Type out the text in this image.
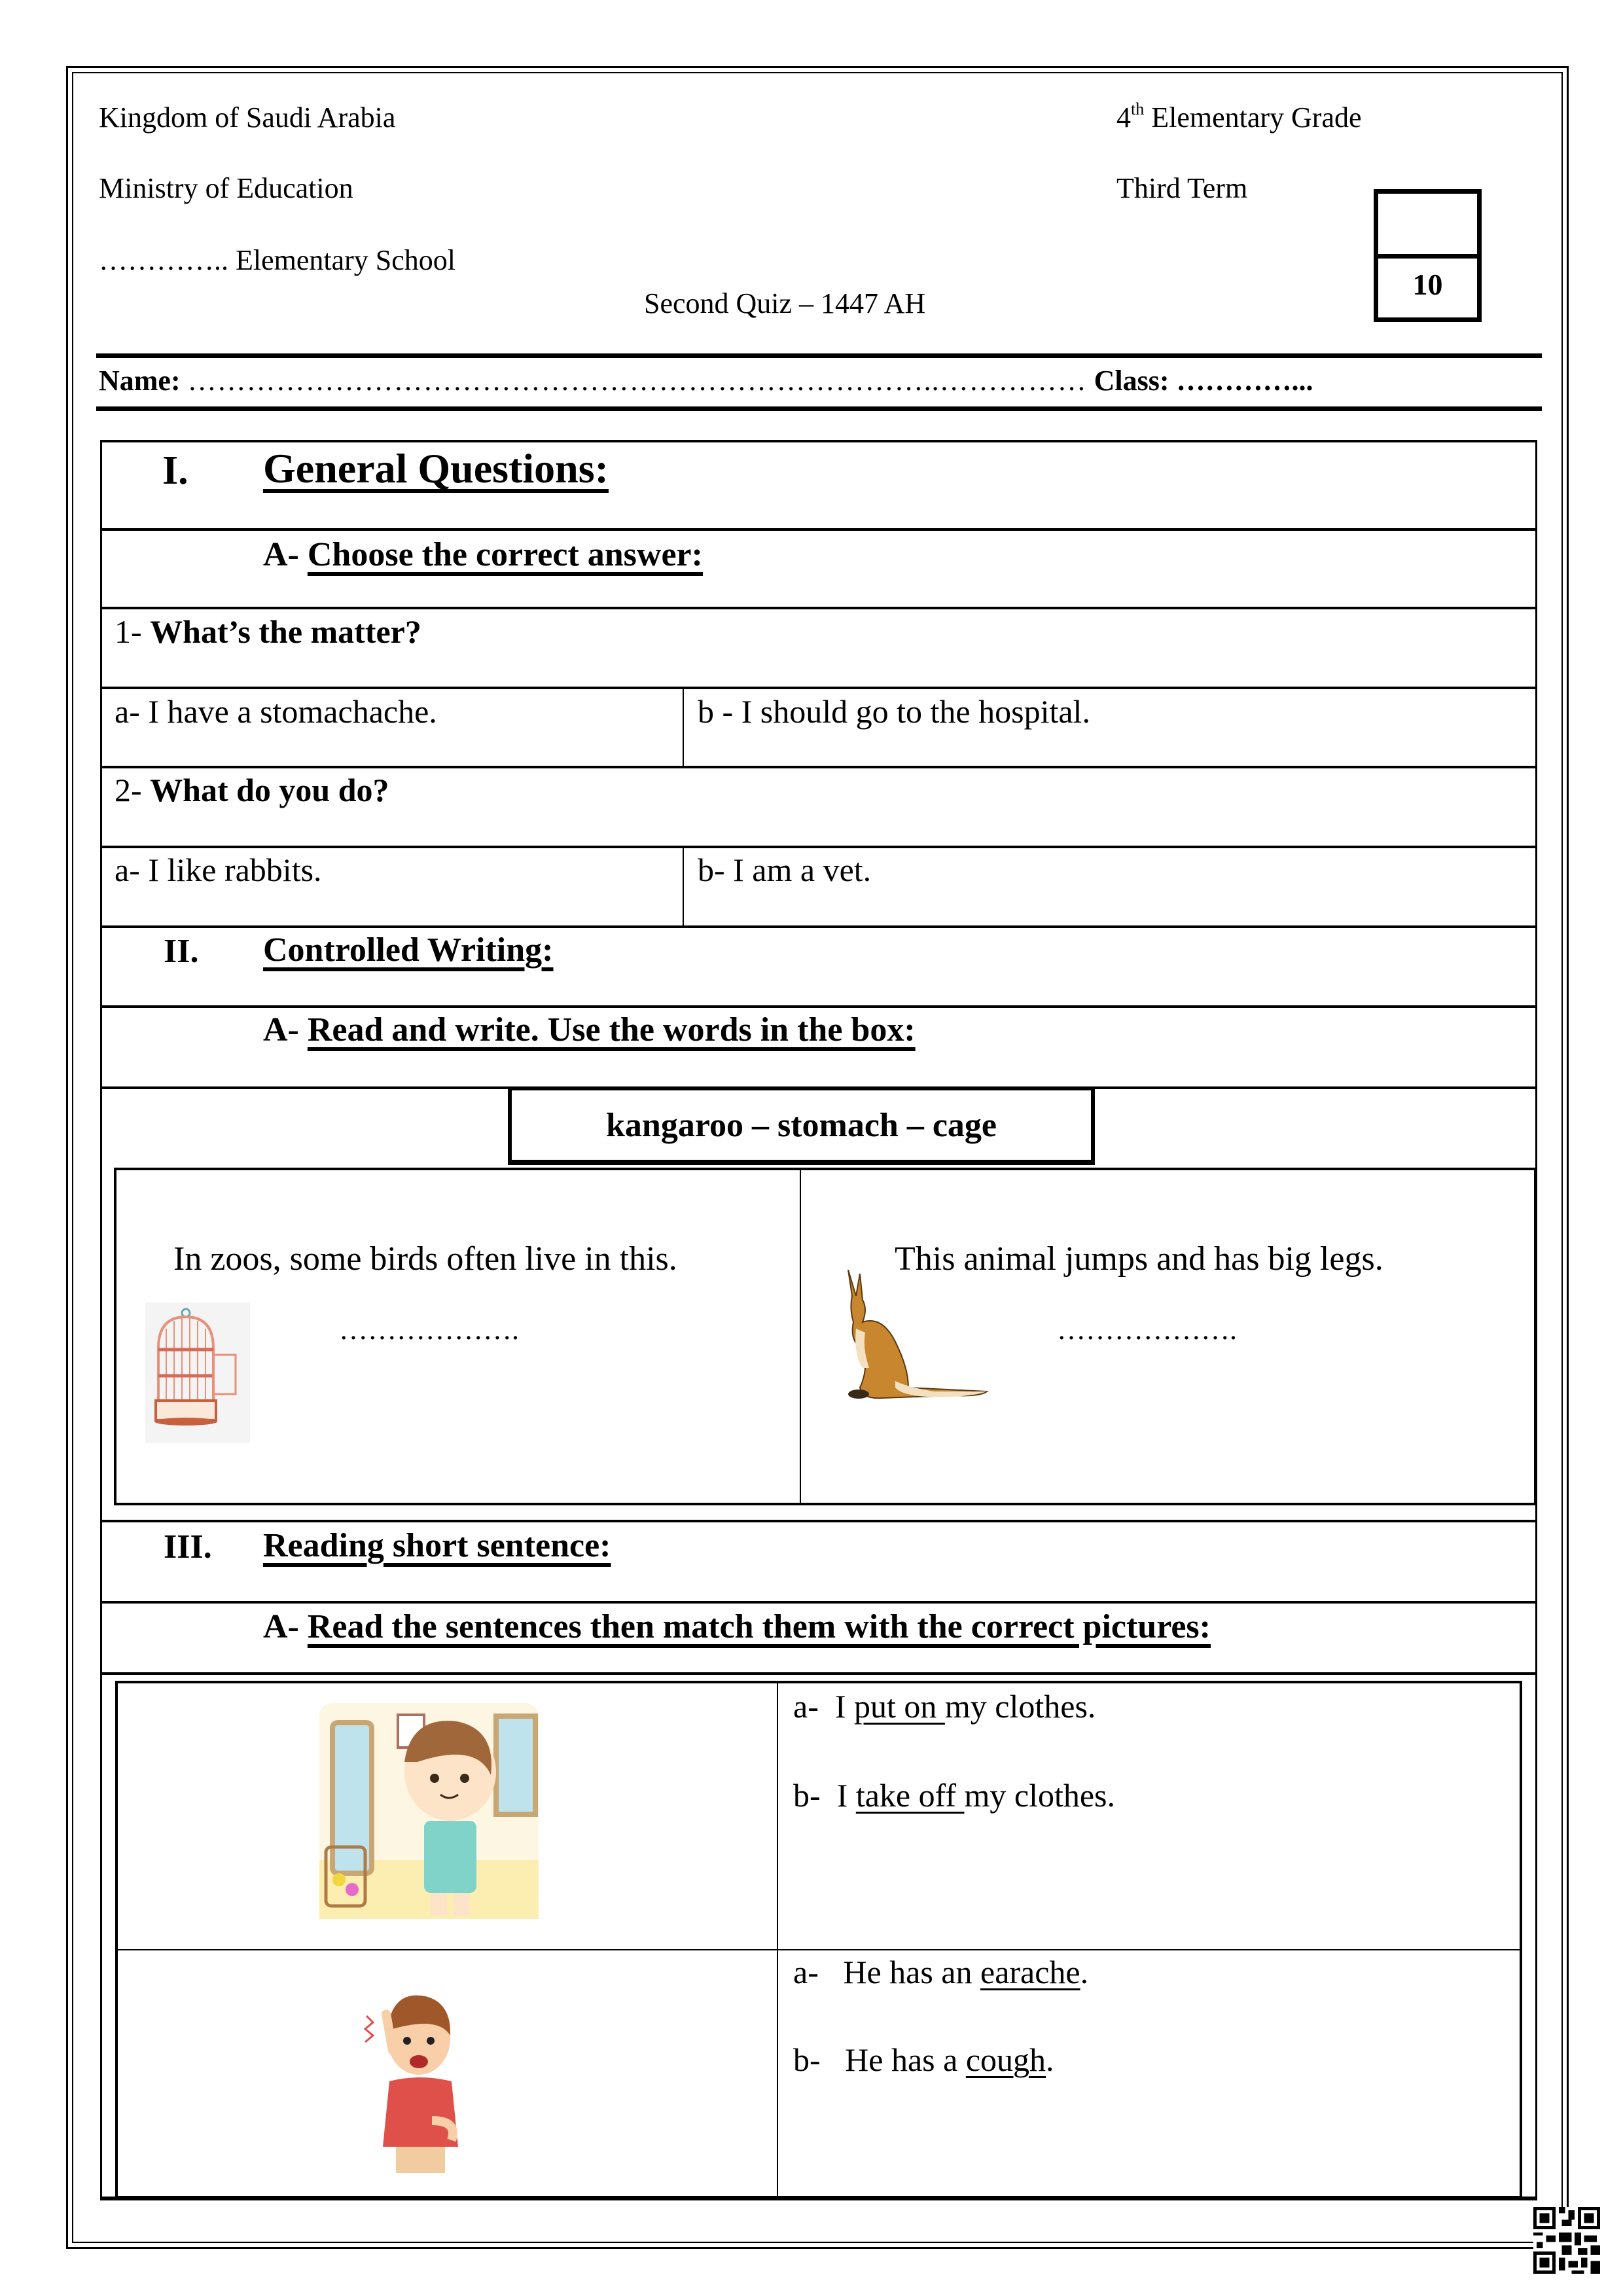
Kingdom of Saudi Arabia
Ministry of Education
………….. Elementary School
4th Elementary Grade
Third Term
Second Quiz – 1447 AH
10
Name: …………………………………………………………………..…………… Class: …………...
I. General Questions:
A- Choose the correct answer:
1- What’s the matter?
a- I have a stomachache.	b - I should go to the hospital.
2- What do you do?
a- I like rabbits.	b- I am a vet.
II. Controlled Writing:
A- Read and write. Use the words in the box:
kangaroo – stomach – cage
In zoos, some birds often live in this.
……………….
This animal jumps and has big legs.
……………….
III. Reading short sentence:
A- Read the sentences then match them with the correct pictures:
a- I put on my clothes.
b- I take off my clothes.
a- He has an earache.
b- He has a cough.
